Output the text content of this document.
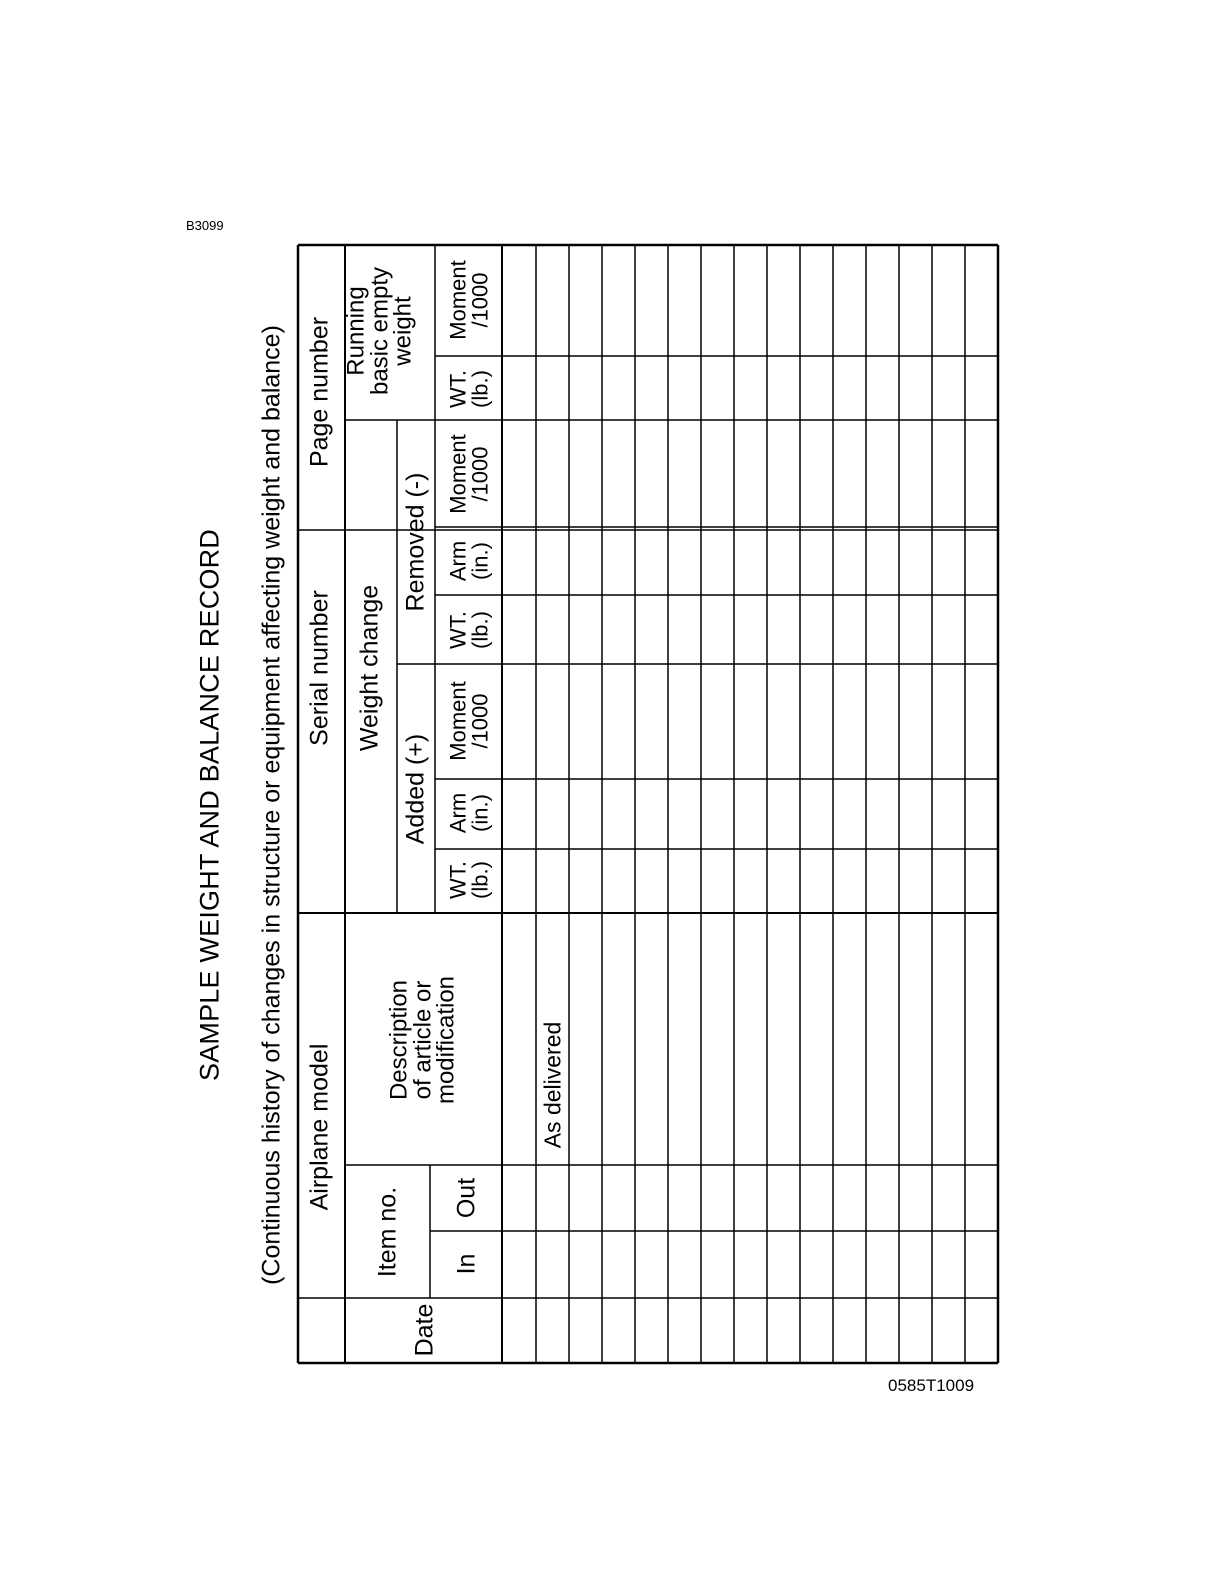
B3099
SAMPLE WEIGHT AND BALANCE RECORD (Continuous history of changes in structure or equipment affecting weight and balance) Airplane model
Serial number
Page number
Date
Item no. In
Out
Description
of article or
modification
Weight change
Added (+)
Removed (-)
Running
basic empty
weight
WT.
(lb.)
Arm
(in.)
Moment
/1000
WT.
(lb.)
Arm
(in.)
Moment
/1000
WT.
(lb.)
Moment
/1000
As delivered
0585T1009
